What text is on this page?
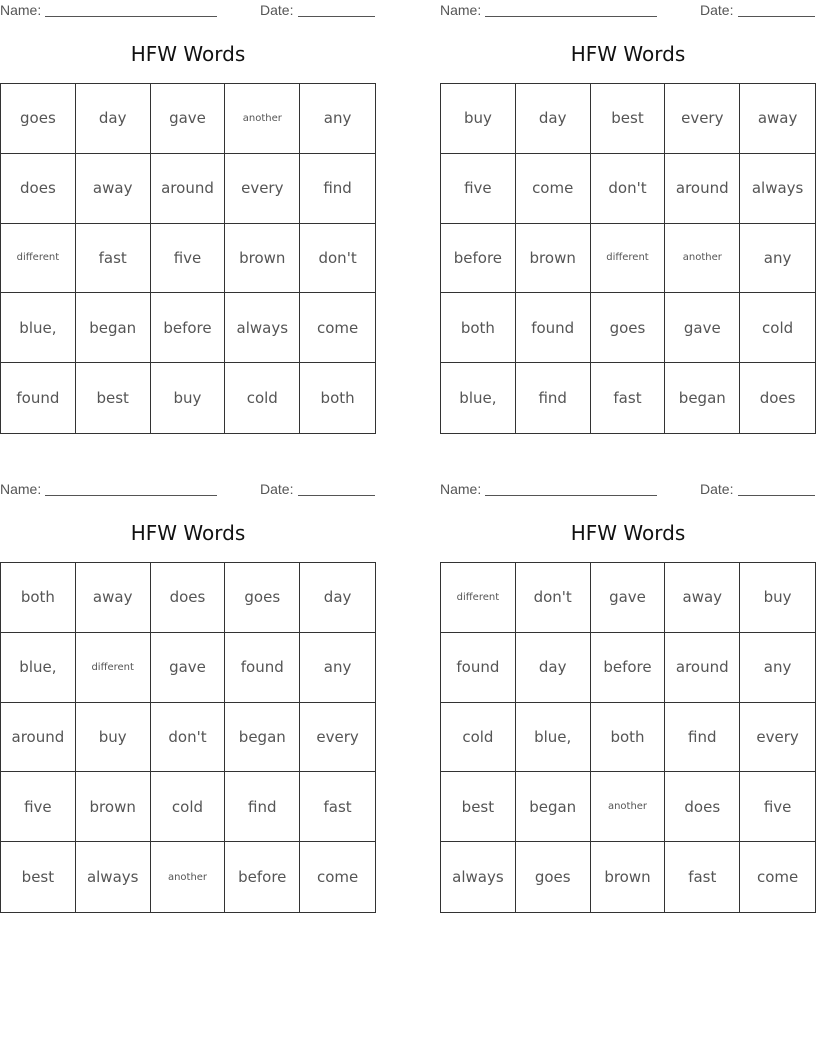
Name:	Date:
HFW Words
goes	day	gave	another	any
does	away	around	every	find
different	fast	five	brown	don't
blue,	began	before	always	come
found	best	buy	cold	both
Name:	Date:
HFW Words
buy	day	best	every	away
five	come	don't	around	always
before	brown	different	another	any
both	found	goes	gave	cold
blue,	find	fast	began	does
Name:	Date:
HFW Words
both	away	does	goes	day
blue,	different	gave	found	any
around	buy	don't	began	every
five	brown	cold	find	fast
best	always	another	before	come
Name:	Date:
HFW Words
different	don't	gave	away	buy
found	day	before	around	any
cold	blue,	both	find	every
best	began	another	does	five
always	goes	brown	fast	come
